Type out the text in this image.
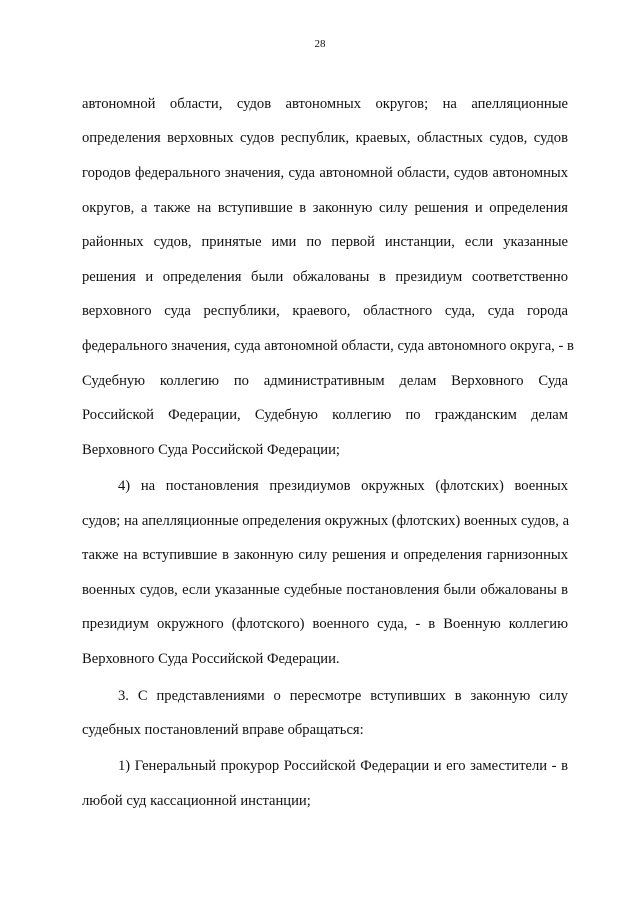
28
автономной области, судов автономных округов; на апелляционные
определения верховных судов республик, краевых, областных судов, судов
городов федерального значения, суда автономной области, судов автономных
округов, а также на вступившие в законную силу решения и определения
районных судов, принятые ими по первой инстанции, если указанные
решения и определения были обжалованы в президиум соответственно
верховного суда республики, краевого, областного суда, суда города
федерального значения, суда автономной области, суда автономного округа, - в
Судебную коллегию по административным делам Верховного Суда
Российской Федерации, Судебную коллегию по гражданским делам
Верховного Суда Российской Федерации;
4) на постановления президиумов окружных (флотских) военных
судов; на апелляционные определения окружных (флотских) военных судов, а
также на вступившие в законную силу решения и определения гарнизонных
военных судов, если указанные судебные постановления были обжалованы в
президиум окружного (флотского) военного суда, - в Военную коллегию
Верховного Суда Российской Федерации.
3. С представлениями о пересмотре вступивших в законную силу
судебных постановлений вправе обращаться:
1) Генеральный прокурор Российской Федерации и его заместители - в
любой суд кассационной инстанции;
